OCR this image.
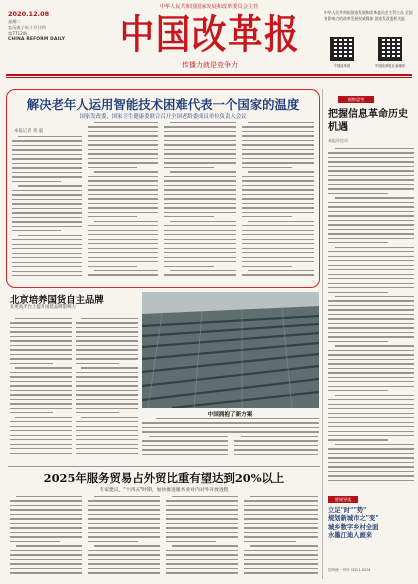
中华人民共和国国家发展和改革委员会主管
2020.12.08
星期二
农历庚子年十月廿四
第7712期
CHINA REFORM DAILY	中国改革报
传播力就是竞争力
中华人民共和国国家发展和改革委员会主管主办 全国有影响力的改革发展权威媒体 国家发改委机关报
中国改革报	中国改革报社新媒体
解决老年人运用智能技术困难代表一个国家的温度
国家发改委、国家卫生健康委联合召开全国老龄委成员单位负责人会议
本报记者 蒋 毅
北京培养国货自主品牌
在更高平台上提升国货品牌影响力
中国拥抱了新方案
2025年服务贸易占外贸比重有望达到20%以上
专家建议，"十四五"时期，加快推进服务业对内对外开放进程
观察思考
把握信息革命历史机遇
本报评论员
要闻导读
立足"时""势"
规划新城市之"变"
城乡数字乡村全面
水墨江迪人画来
国内统一刊号 CN11-0291
